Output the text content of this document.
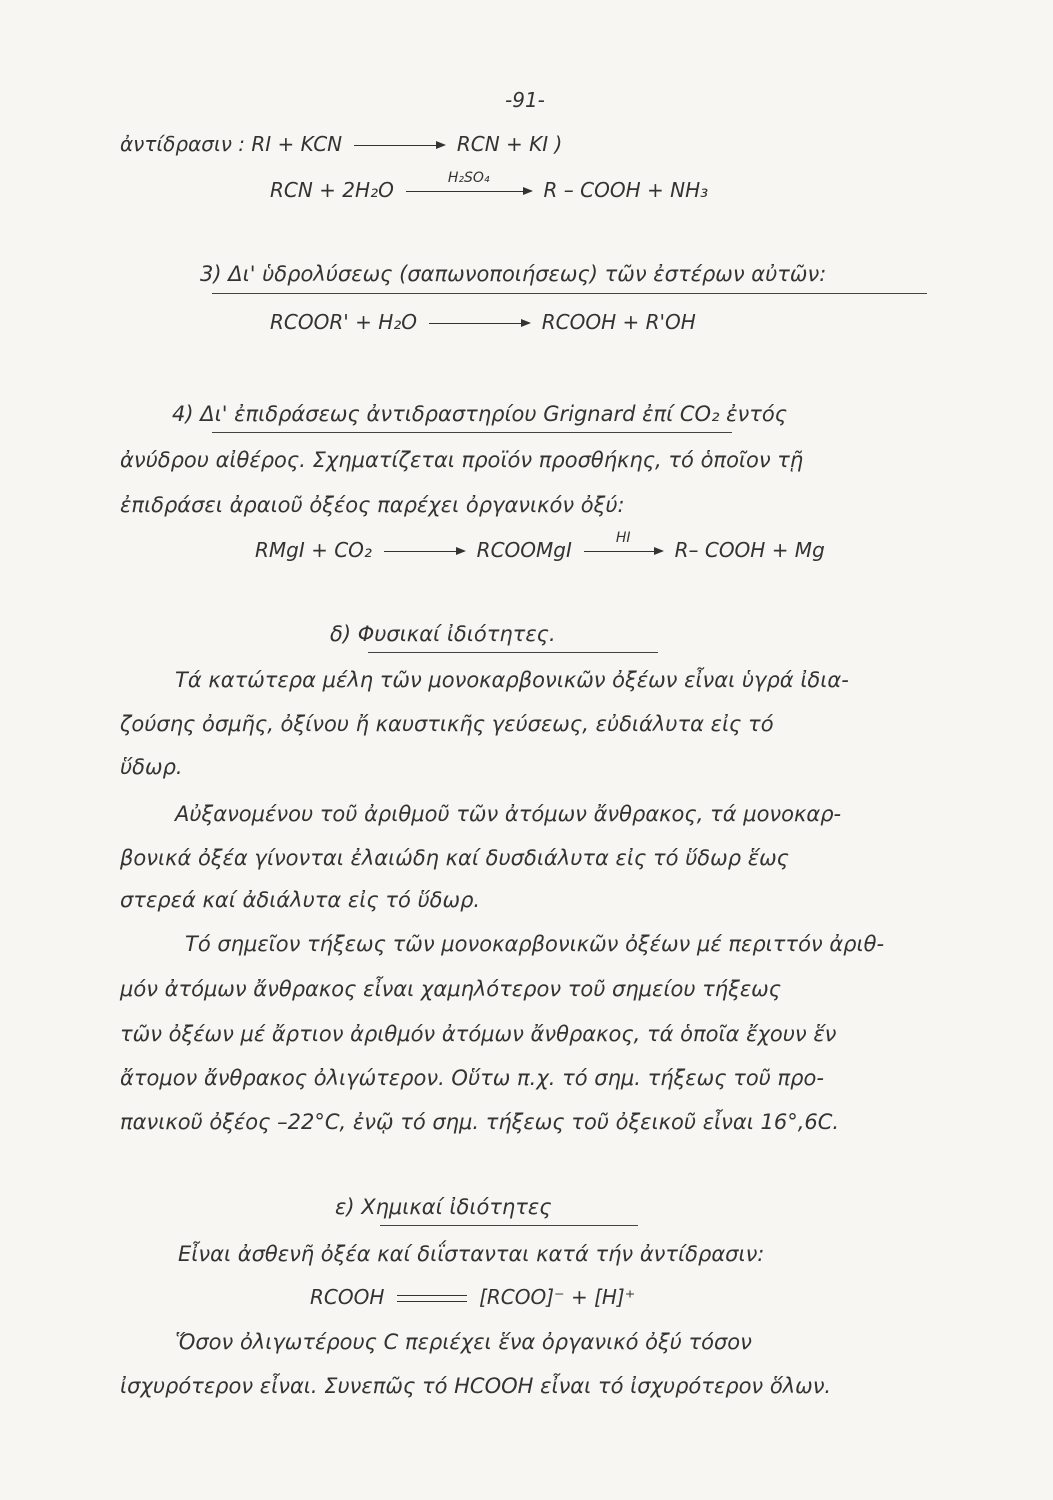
-91-
ἀντίδρασιν : RI + KCN	RCN + KI )
RCN + 2H₂O	H₂SO₄	R – COOH + NH₃
3) Δι' ὑδρολύσεως (σαπωνοποιήσεως) τῶν ἐστέρων αὐτῶν:
RCOOR' + H₂O	RCOOH + R'OH
4) Δι' ἐπιδράσεως ἀντιδραστηρίου Grignard ἐπί CO₂ ἐντός
ἀνύδρου αἰθέρος. Σχηματίζεται προϊόν προσθήκης, τό ὁποῖον τῇ
ἐπιδράσει ἀραιοῦ ὀξέος παρέχει ὀργανικόν ὀξύ:
RMgI + CO₂ → RCOOMgI	HI	R– COOH + Mg
δ) Φυσικαί ἰδιότητες.
Τά κατώτερα μέλη τῶν μονοκαρβονικῶν ὀξέων εἶναι ὑγρά ἰδια-
ζούσης ὀσμῆς, ὀξίνου ἤ καυστικῆς γεύσεως, εὐδιάλυτα εἰς τό
ὕδωρ.
Αὐξανομένου τοῦ ἀριθμοῦ τῶν ἀτόμων ἄνθρακος, τά μονοκαρ-
βονικά ὀξέα γίνονται ἐλαιώδη καί δυσδιάλυτα εἰς τό ὕδωρ ἕως
στερεά καί ἀδιάλυτα εἰς τό ὕδωρ.
Τό σημεῖον τήξεως τῶν μονοκαρβονικῶν ὀξέων μέ περιττόν ἀριθ-
μόν ἀτόμων ἄνθρακος εἶναι χαμηλότερον τοῦ σημείου τήξεως
τῶν ὀξέων μέ ἄρτιον ἀριθμόν ἀτόμων ἄνθρακος, τά ὁποῖα ἔχουν ἕν
ἄτομον ἄνθρακος ὀλιγώτερον. Οὕτω π.χ. τό σημ. τήξεως τοῦ προ-
πανικοῦ ὀξέος –22°C, ἐνῷ τό σημ. τήξεως τοῦ ὀξεικοῦ εἶναι 16°,6C.
ε) Χημικαί ἰδιότητες
Εἶναι ἀσθενῆ ὀξέα καί διΐστανται κατά τήν ἀντίδρασιν:
RCOOH	[RCOO]⁻ + [H]⁺
Ὅσον ὀλιγωτέρους C περιέχει ἕνα ὀργανικό ὀξύ τόσον
ἰσχυρότερον εἶναι. Συνεπῶς τό HCOOH εἶναι τό ἰσχυρότερον ὅλων.
